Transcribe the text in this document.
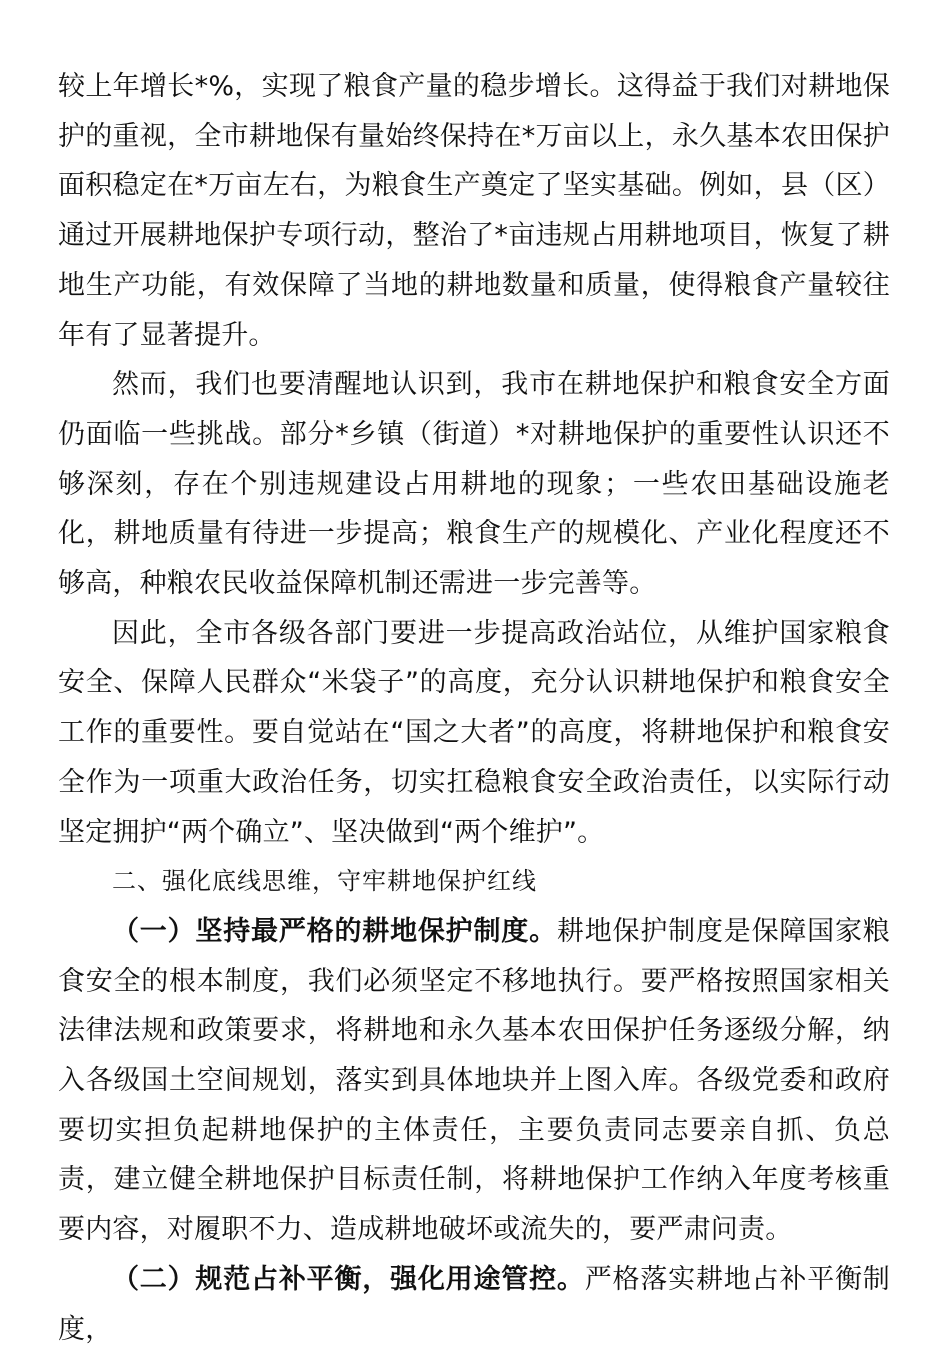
较上年增长*%，实现了粮食产量的稳步增长。这得益于我们对耕地保护的重视，全市耕地保有量始终保持在*万亩以上，永久基本农田保护面积稳定在*万亩左右，为粮食生产奠定了坚实基础。例如，县（区）通过开展耕地保护专项行动，整治了*亩违规占用耕地项目，恢复了耕地生产功能，有效保障了当地的耕地数量和质量，使得粮食产量较往年有了显著提升。

然而，我们也要清醒地认识到，我市在耕地保护和粮食安全方面仍面临一些挑战。部分*乡镇（街道）*对耕地保护的重要性认识还不够深刻，存在个别违规建设占用耕地的现象；一些农田基础设施老化，耕地质量有待进一步提高；粮食生产的规模化、产业化程度还不够高，种粮农民收益保障机制还需进一步完善等。

因此，全市各级各部门要进一步提高政治站位，从维护国家粮食安全、保障人民群众“米袋子”的高度，充分认识耕地保护和粮食安全工作的重要性。要自觉站在“国之大者”的高度，将耕地保护和粮食安全作为一项重大政治任务，切实扛稳粮食安全政治责任，以实际行动坚定拥护“两个确立”、坚决做到“两个维护”。

二、强化底线思维，守牢耕地保护红线

（一）坚持最严格的耕地保护制度。耕地保护制度是保障国家粮食安全的根本制度，我们必须坚定不移地执行。要严格按照国家相关法律法规和政策要求，将耕地和永久基本农田保护任务逐级分解，纳入各级国土空间规划，落实到具体地块并上图入库。各级党委和政府要切实担负起耕地保护的主体责任，主要负责同志要亲自抓、负总责，建立健全耕地保护目标责任制，将耕地保护工作纳入年度考核重要内容，对履职不力、造成耕地破坏或流失的，要严肃问责。

（二）规范占补平衡，强化用途管控。严格落实耕地占补平衡制度，
